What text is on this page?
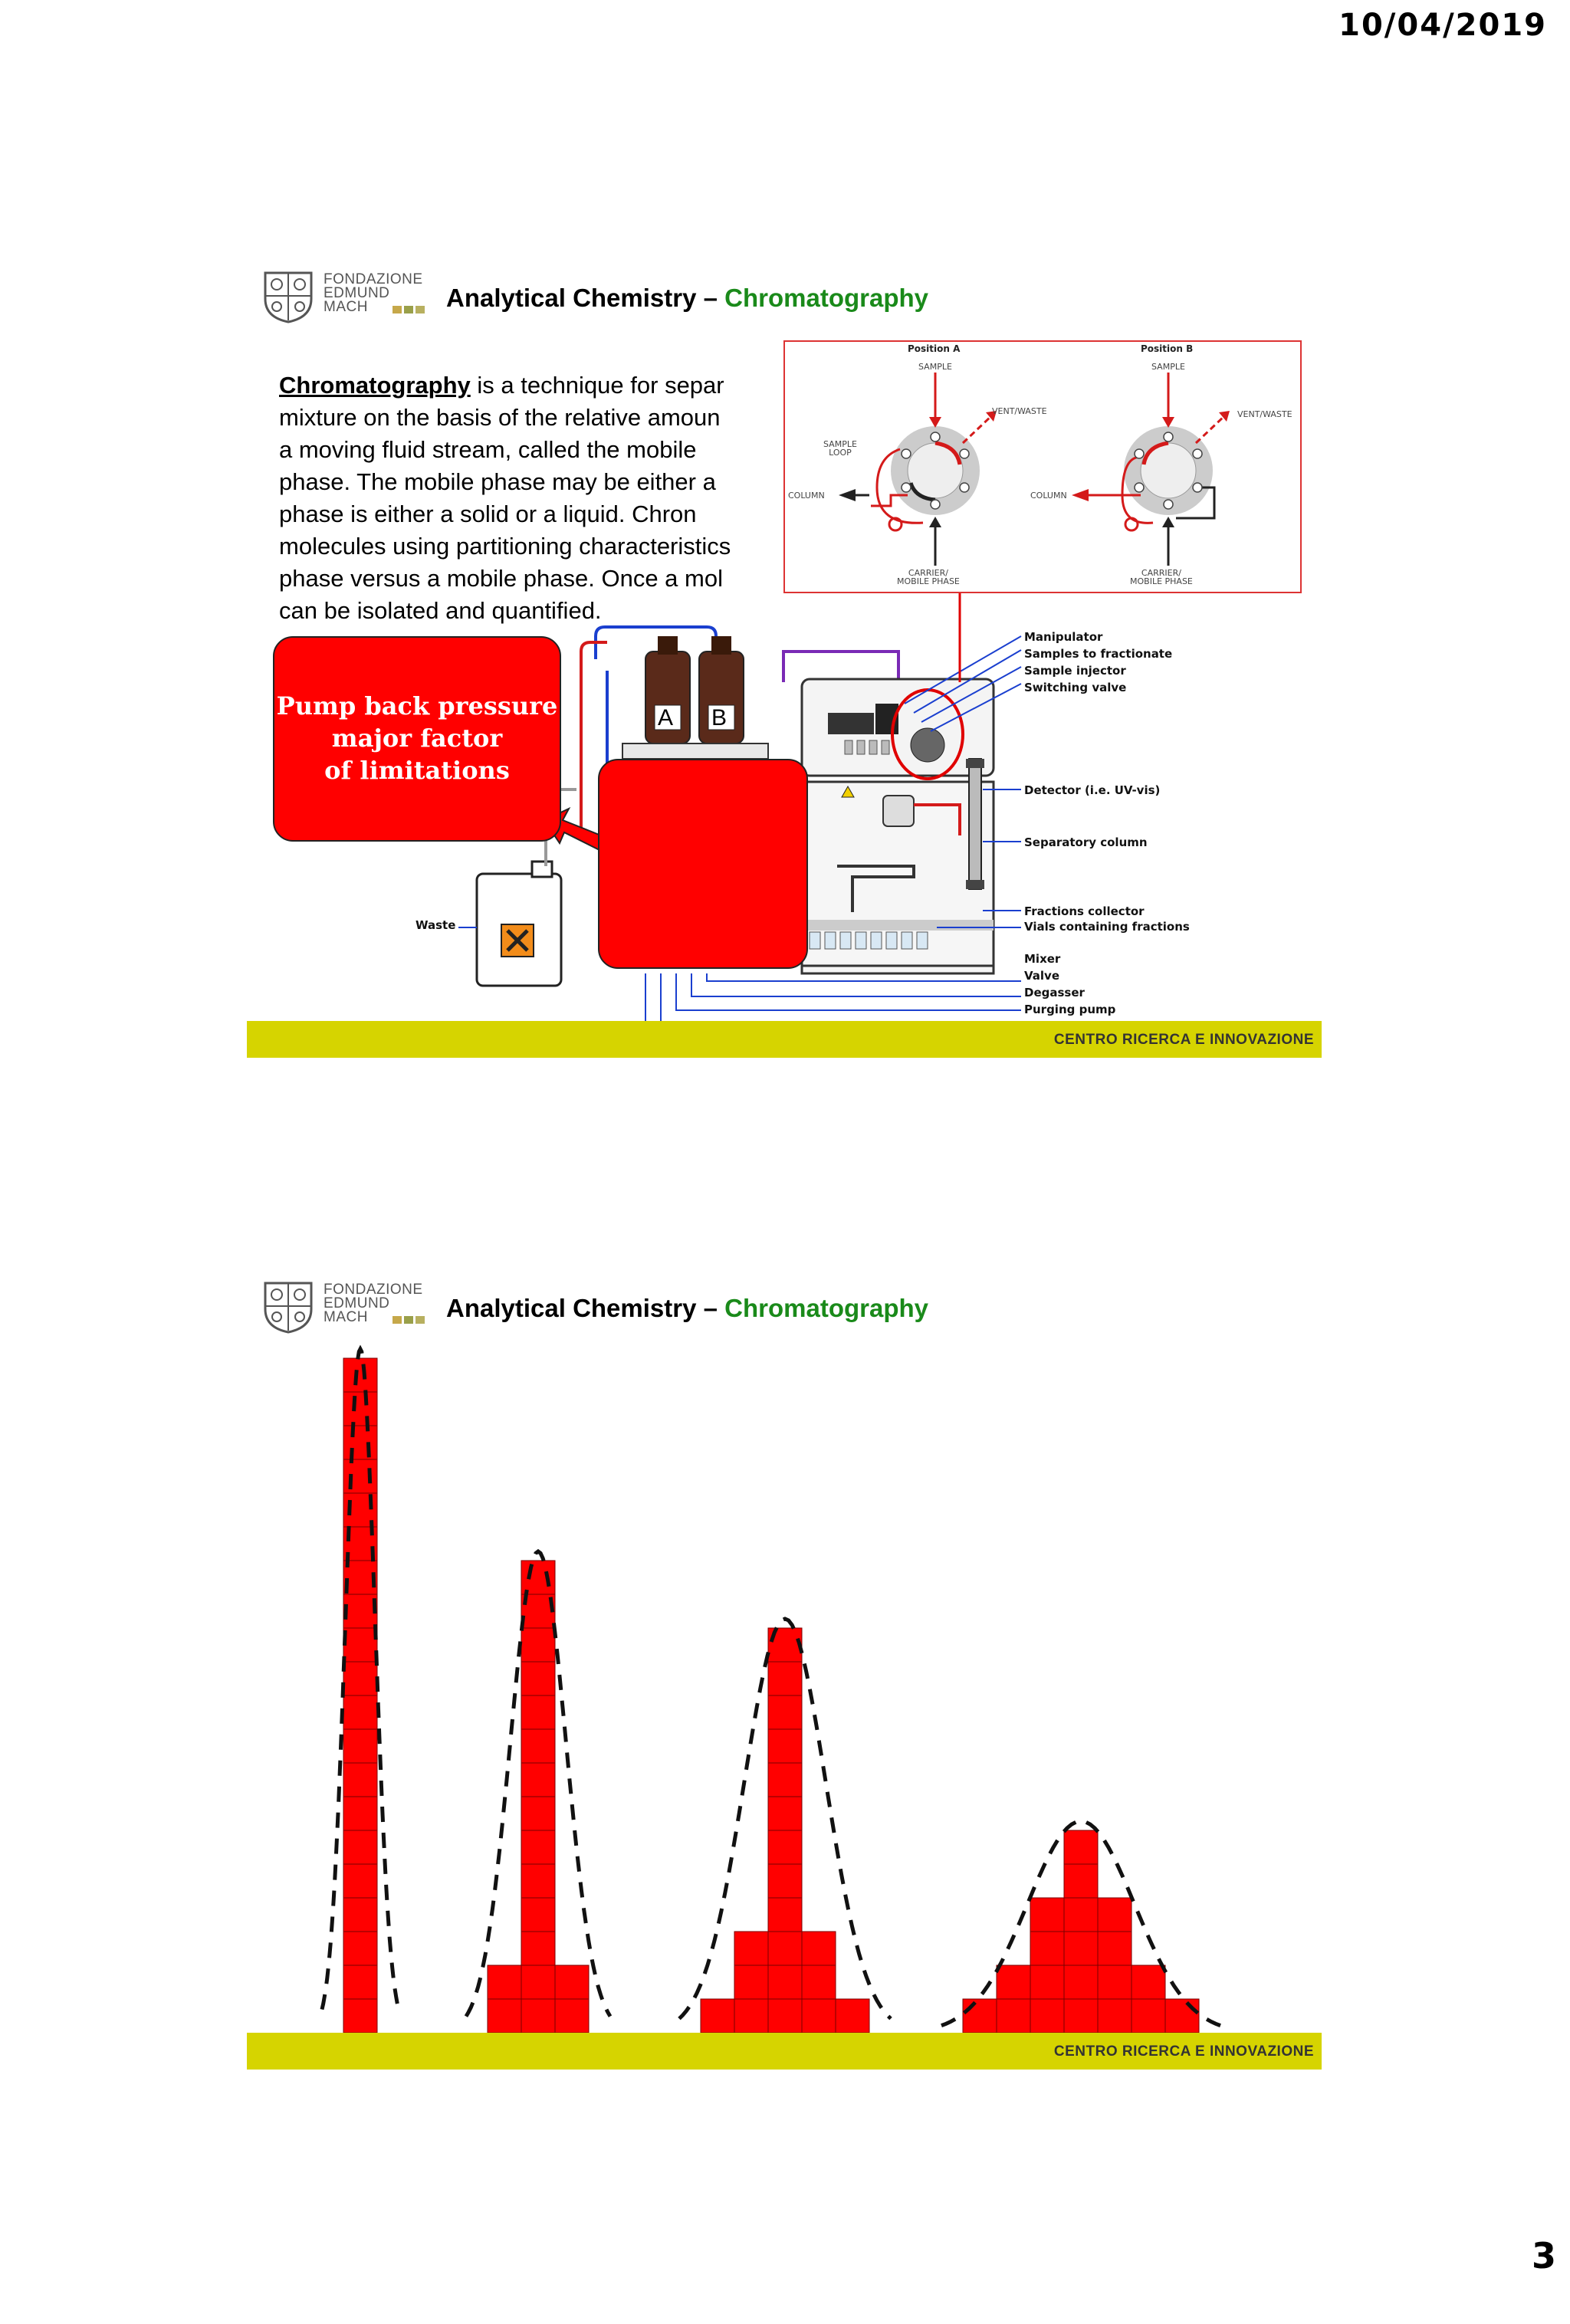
10/04/2019
FONDAZIONE
EDMUND
MACH	Analytical Chemistry – Chromatography
Chromatography is a technique for separ
mixture on the basis of the relative amoun
a moving fluid stream, called the mobile
phase. The mobile phase may be either a
phase is either a solid or a liquid. Chron
molecules using partitioning characteristics
phase versus a mobile phase. Once a mol
can be isolated and quantified.
A B
Pump back pressure
major factor
of limitations
Position A	Position B
SAMPLE	SAMPLE
VENT/WASTE	VENT/WASTE
SAMPLE
LOOP
COLUMN	COLUMN
CARRIER/
MOBILE PHASE
CARRIER/
MOBILE PHASE
Manipulator
Samples to fractionate
Sample injector
Switching valve
Detector (i.e. UV-vis)
Separatory column
Fractions collector
Vials containing fractions
Mixer
Valve
Degasser
Purging pump
Waste
CENTRO RICERCA E INNOVAZIONE
FONDAZIONE
EDMUND
MACH	Analytical Chemistry – Chromatography
CENTRO RICERCA E INNOVAZIONE
3
